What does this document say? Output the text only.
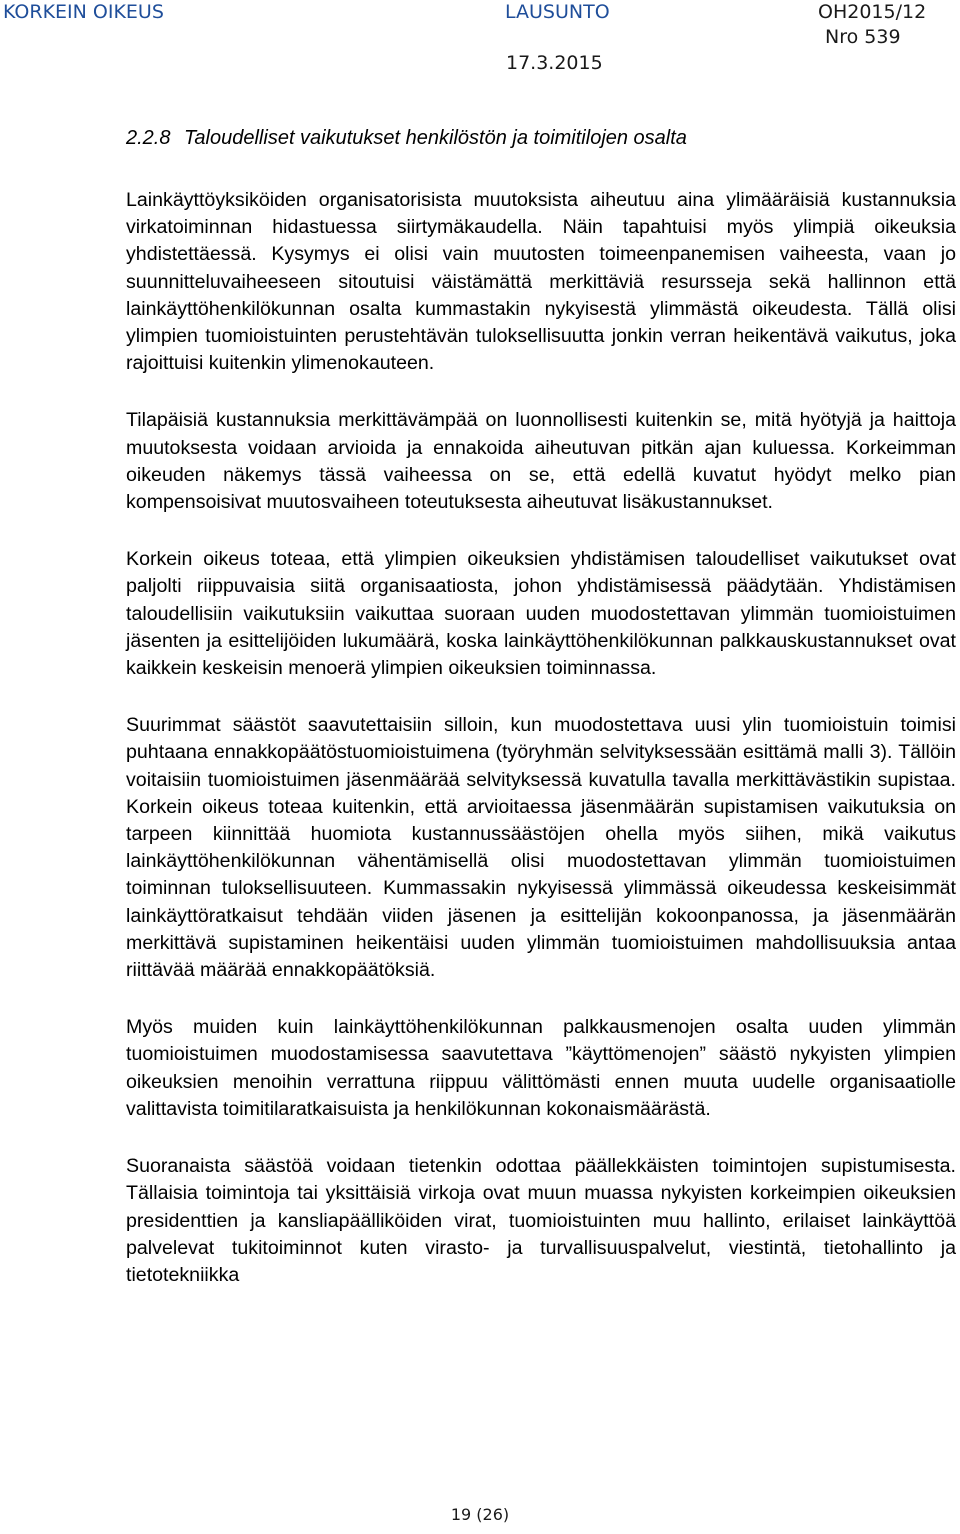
KORKEIN OIKEUS	LAUSUNTO	OH2015/12
Nro 539
17.3.2015
2.2.8 Taloudelliset vaikutukset henkilöstön ja toimitilojen osalta

Lainkäyttöyksiköiden organisatorisista muutoksista aiheutuu aina ylimääräisiä kustannuksia virkatoiminnan hidastuessa siirtymäkaudella. Näin tapahtuisi myös ylimpiä oikeuksia yhdistettäessä. Kysymys ei olisi vain muutosten toimeenpanemisen vaiheesta, vaan jo suunnitteluvaiheeseen sitoutuisi väistämättä merkittäviä resursseja sekä hallinnon että lainkäyttöhenkilökunnan osalta kummastakin nykyisestä ylimmästä oikeudesta. Tällä olisi ylimpien tuomioistuinten perustehtävän tuloksellisuutta jonkin verran heikentävä vaikutus, joka rajoittuisi kuitenkin ylimenokauteen.

Tilapäisiä kustannuksia merkittävämpää on luonnollisesti kuitenkin se, mitä hyötyjä ja haittoja muutoksesta voidaan arvioida ja ennakoida aiheutuvan pitkän ajan kuluessa. Korkeimman oikeuden näkemys tässä vaiheessa on se, että edellä kuvatut hyödyt melko pian kompensoisivat muutosvaiheen toteutuksesta aiheutuvat lisäkustannukset.

Korkein oikeus toteaa, että ylimpien oikeuksien yhdistämisen taloudelliset vaikutukset ovat paljolti riippuvaisia siitä organisaatiosta, johon yhdistämisessä päädytään. Yhdistämisen taloudellisiin vaikutuksiin vaikuttaa suoraan uuden muodostettavan ylimmän tuomioistuimen jäsenten ja esittelijöiden lukumäärä, koska lainkäyttöhenkilökunnan palkkauskustannukset ovat kaikkein keskeisin menoerä ylimpien oikeuksien toiminnassa.

Suurimmat säästöt saavutettaisiin silloin, kun muodostettava uusi ylin tuomioistuin toimisi puhtaana ennakkopäätöstuomioistuimena (työryhmän selvityksessään esittämä malli 3). Tällöin voitaisiin tuomioistuimen jäsenmäärää selvityksessä kuvatulla tavalla merkittävästikin supistaa. Korkein oikeus toteaa kuitenkin, että arvioitaessa jäsenmäärän supistamisen vaikutuksia on tarpeen kiinnittää huomiota kustannussäästöjen ohella myös siihen, mikä vaikutus lainkäyttöhenkilökunnan vähentämisellä olisi muodostettavan ylimmän tuomioistuimen toiminnan tuloksellisuuteen. Kummassakin nykyisessä ylimmässä oikeudessa keskeisimmät lainkäyttöratkaisut tehdään viiden jäsenen ja esittelijän kokoonpanossa, ja jäsenmäärän merkittävä supistaminen heikentäisi uuden ylimmän tuomioistuimen mahdollisuuksia antaa riittävää määrää ennakkopäätöksiä.

Myös muiden kuin lainkäyttöhenkilökunnan palkkausmenojen osalta uuden ylimmän tuomioistuimen muodostamisessa saavutettava ”käyttömenojen” säästö nykyisten ylimpien oikeuksien menoihin verrattuna riippuu välittömästi ennen muuta uudelle organisaatiolle valittavista toimitilaratkaisuista ja henkilökunnan kokonaismäärästä.

Suoranaista säästöä voidaan tietenkin odottaa päällekkäisten toimintojen supistumisesta. Tällaisia toimintoja tai yksittäisiä virkoja ovat muun muassa nykyisten korkeimpien oikeuksien presidenttien ja kansliapäälliköiden virat, tuomioistuinten muu hallinto, erilaiset lainkäyttöä palvelevat tukitoiminnot kuten virasto- ja turvallisuuspalvelut, viestintä, tietohallinto ja tietotekniikka

19 (26)
